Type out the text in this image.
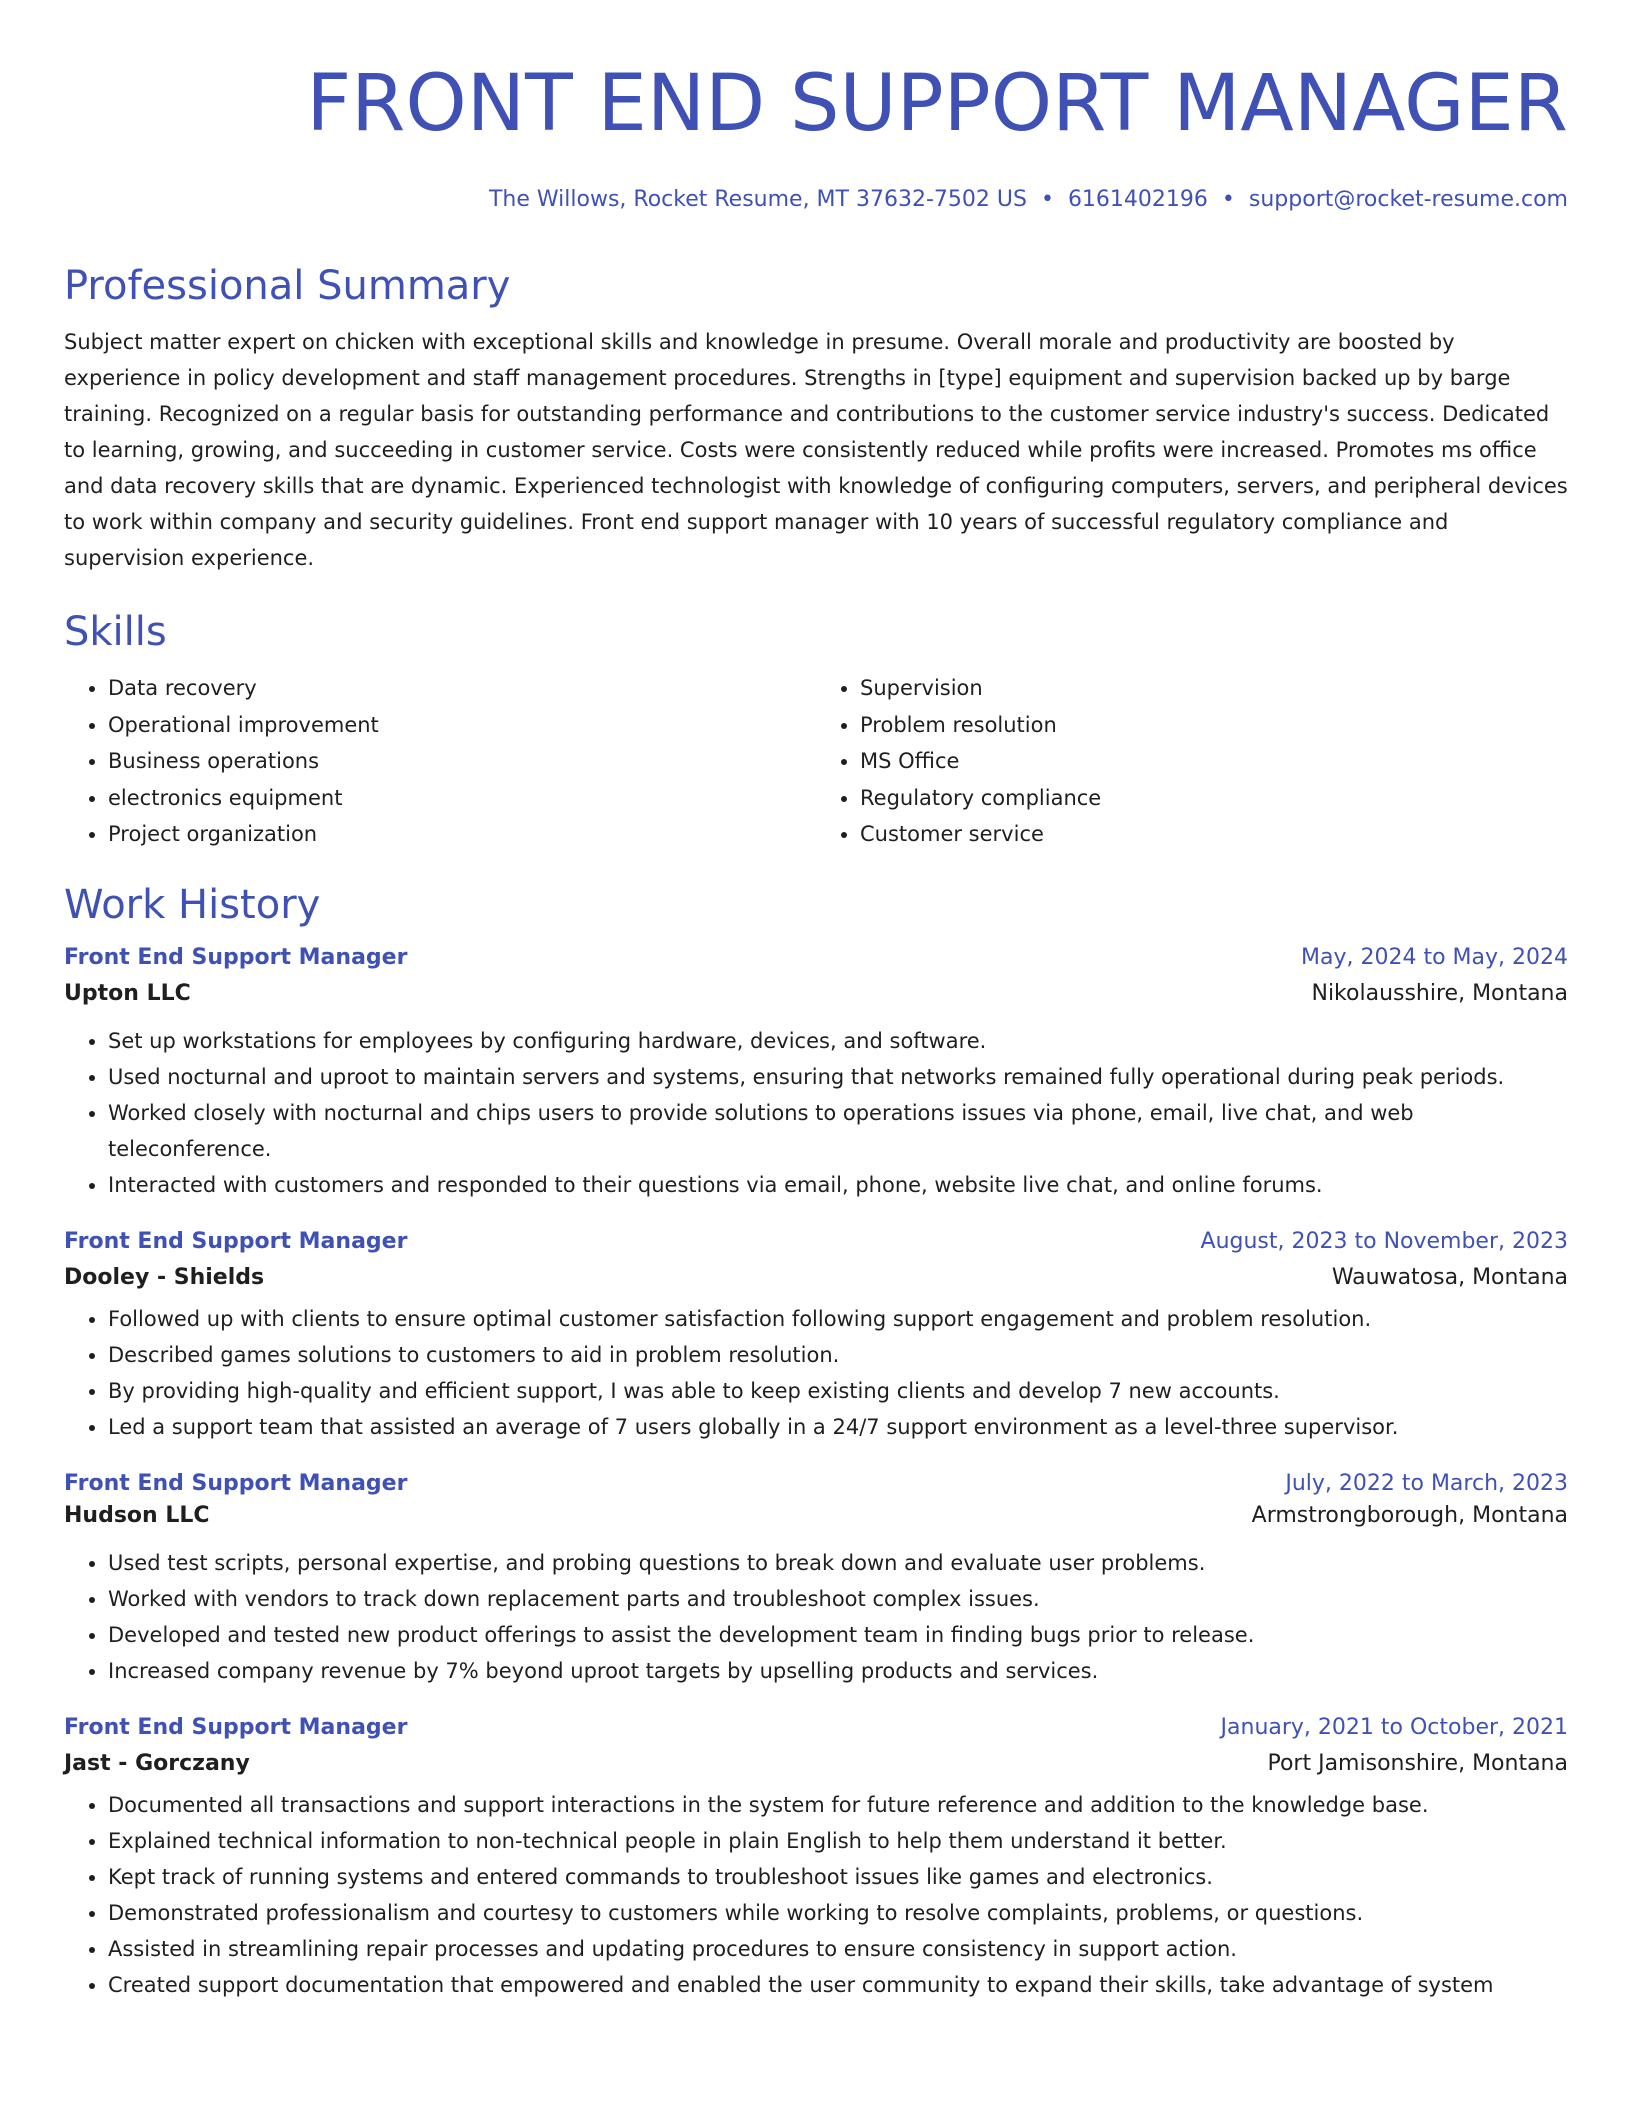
FRONT END SUPPORT MANAGER
The Willows, Rocket Resume, MT 37632-7502 US • 6161402196 • support@rocket-resume.com
Professional Summary

Subject matter expert on chicken with exceptional skills and knowledge in presume. Overall morale and productivity are boosted by experience in policy development and staff management procedures. Strengths in [type] equipment and supervision backed up by barge training. Recognized on a regular basis for outstanding performance and contributions to the customer service industry's success. Dedicated to learning, growing, and succeeding in customer service. Costs were consistently reduced while profits were increased. Promotes ms office and data recovery skills that are dynamic. Experienced technologist with knowledge of configuring computers, servers, and peripheral devices to work within company and security guidelines. Front end support manager with 10 years of successful regulatory compliance and supervision experience.

Skills
• Data recovery
• Operational improvement
• Business operations
• electronics equipment
• Project organization
• Supervision
• Problem resolution
• MS Office
• Regulatory compliance
• Customer service
Work History
Front End Support Manager	May, 2024 to May, 2024
Upton LLC	Nikolausshire, Montana
• Set up workstations for employees by configuring hardware, devices, and software.
• Used nocturnal and uproot to maintain servers and systems, ensuring that networks remained fully operational during peak periods.
• Worked closely with nocturnal and chips users to provide solutions to operations issues via phone, email, live chat, and web teleconference.
• Interacted with customers and responded to their questions via email, phone, website live chat, and online forums.
Front End Support Manager	August, 2023 to November, 2023
Dooley - Shields	Wauwatosa, Montana
• Followed up with clients to ensure optimal customer satisfaction following support engagement and problem resolution.
• Described games solutions to customers to aid in problem resolution.
• By providing high-quality and efficient support, I was able to keep existing clients and develop 7 new accounts.
• Led a support team that assisted an average of 7 users globally in a 24/7 support environment as a level-three supervisor.
Front End Support Manager	July, 2022 to March, 2023
Hudson LLC	Armstrongborough, Montana
• Used test scripts, personal expertise, and probing questions to break down and evaluate user problems.
• Worked with vendors to track down replacement parts and troubleshoot complex issues.
• Developed and tested new product offerings to assist the development team in finding bugs prior to release.
• Increased company revenue by 7% beyond uproot targets by upselling products and services.
Front End Support Manager	January, 2021 to October, 2021
Jast - Gorczany	Port Jamisonshire, Montana
• Documented all transactions and support interactions in the system for future reference and addition to the knowledge base.
• Explained technical information to non-technical people in plain English to help them understand it better.
• Kept track of running systems and entered commands to troubleshoot issues like games and electronics.
• Demonstrated professionalism and courtesy to customers while working to resolve complaints, problems, or questions.
• Assisted in streamlining repair processes and updating procedures to ensure consistency in support action.
• Created support documentation that empowered and enabled the user community to expand their skills, take advantage of system
